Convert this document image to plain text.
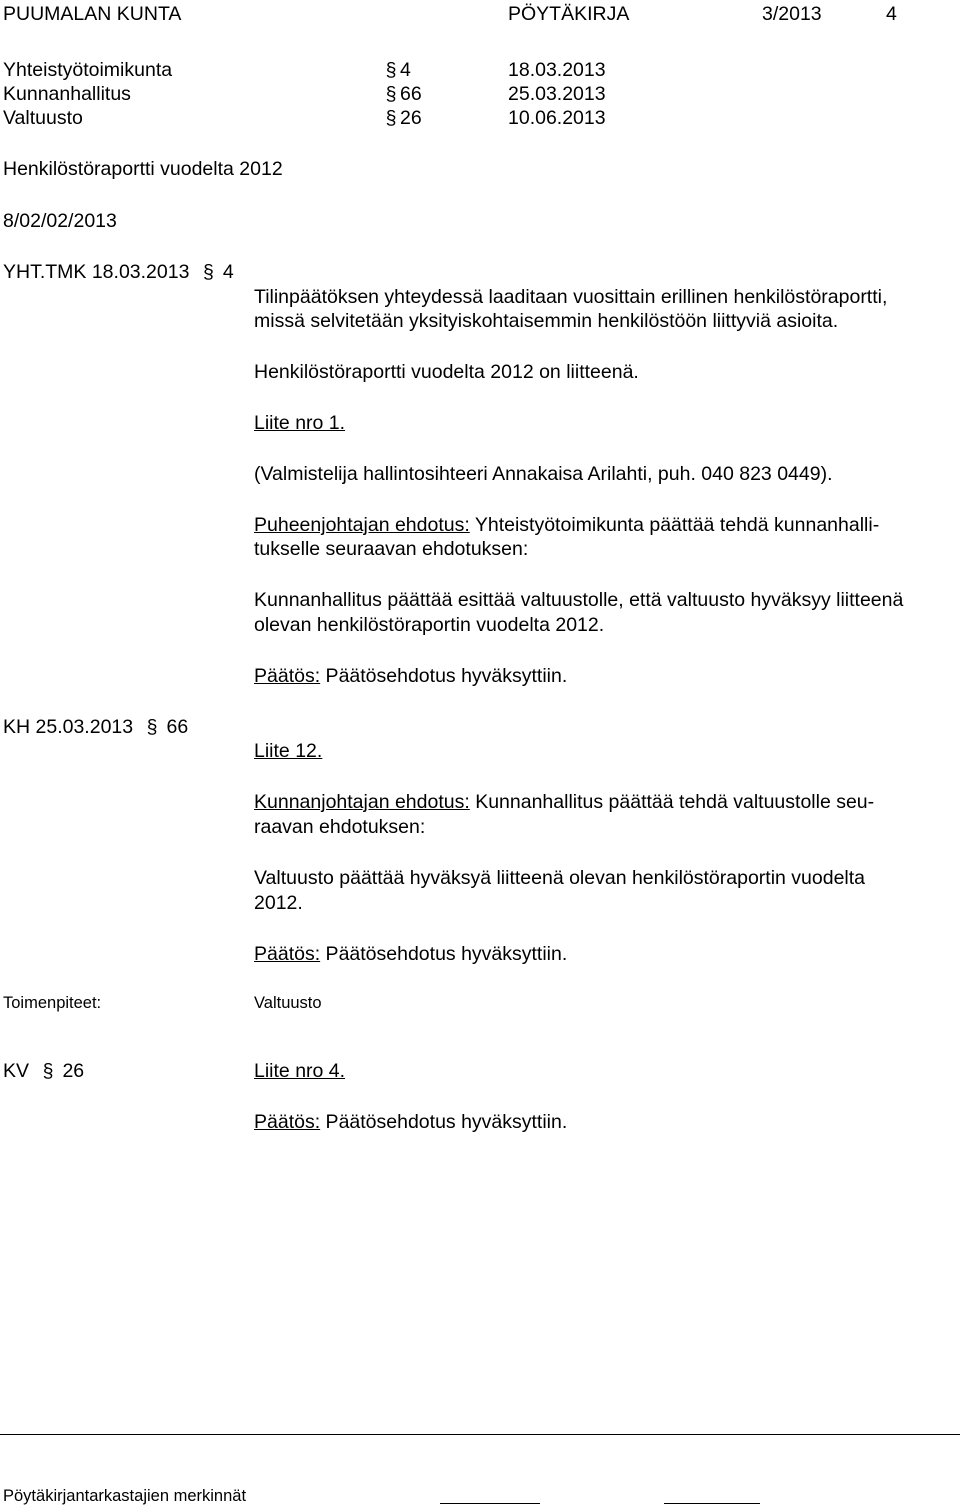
PUUMALAN KUNTA	PÖYTÄKIRJA	3/2013	4
Yhteistyötoimikunta	§ 4	18.03.2013
Kunnanhallitus	§ 66	25.03.2013
Valtuusto	§ 26	10.06.2013
Henkilöstöraportti vuodelta 2012
8/02/02/2013
YHT.TMK 18.03.2013 § 4
Tilinpäätöksen yhteydessä laaditaan vuosittain erillinen henkilöstöraportti,
missä selvitetään yksityiskohtaisemmin henkilöstöön liittyviä asioita.
Henkilöstöraportti vuodelta 2012 on liitteenä.
Liite nro 1.
(Valmistelija hallintosihteeri Annakaisa Arilahti, puh. 040 823 0449).
Puheenjohtajan ehdotus: Yhteistyötoimikunta päättää tehdä kunnanhalli-
tukselle seuraavan ehdotuksen:
Kunnanhallitus päättää esittää valtuustolle, että valtuusto hyväksyy liitteenä
olevan henkilöstöraportin vuodelta 2012.
Päätös: Päätösehdotus hyväksyttiin.
KH 25.03.2013 § 66
Liite 12.
Kunnanjohtajan ehdotus: Kunnanhallitus päättää tehdä valtuustolle seu-
raavan ehdotuksen:
Valtuusto päättää hyväksyä liitteenä olevan henkilöstöraportin vuodelta
2012.
Päätös: Päätösehdotus hyväksyttiin.
Toimenpiteet:	Valtuusto
KV § 26	Liite nro 4.
Päätös: Päätösehdotus hyväksyttiin.
Pöytäkirjantarkastajien merkinnät
